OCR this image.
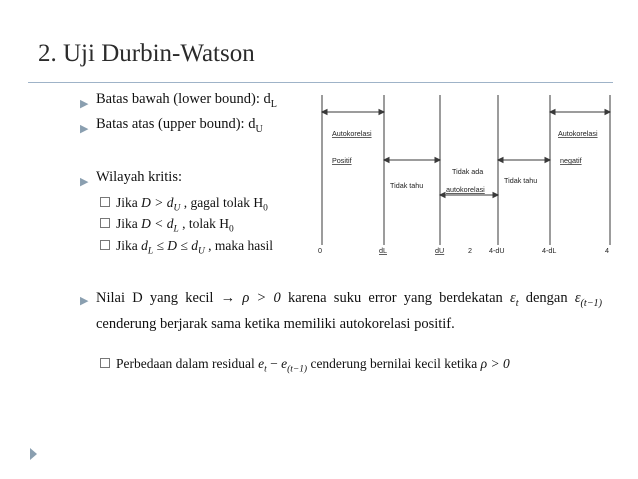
2. Uji Durbin-Watson
▶ Batas bawah (lower bound): $d_L$
▶ Batas atas (upper bound): $d_U$
▶ Wilayah kritis:
Jika $D > d_U$ , gagal tolak $H_0$
Jika $D < d_L$ , tolak $H_0$
Jika $d_L \le D \le d_U$ , maka hasil
Autokorelasi
Positif
Tidak tahu
Tidak ada
autokorelasi
Tidak tahu
Autokorelasi
negatif
0	dL	dU	2 4-dU	4-dL	4
▶ Nilai D yang kecil → ρ > 0 karena suku error yang berdekatan $\varepsilon_t$ dengan $\varepsilon_{(t-1)}$ cenderung berjarak sama ketika memiliki autokorelasi positif.
Perbedaan dalam residual $e_t - e_{(t-1)}$ cenderung bernilai kecil ketika ρ > 0
